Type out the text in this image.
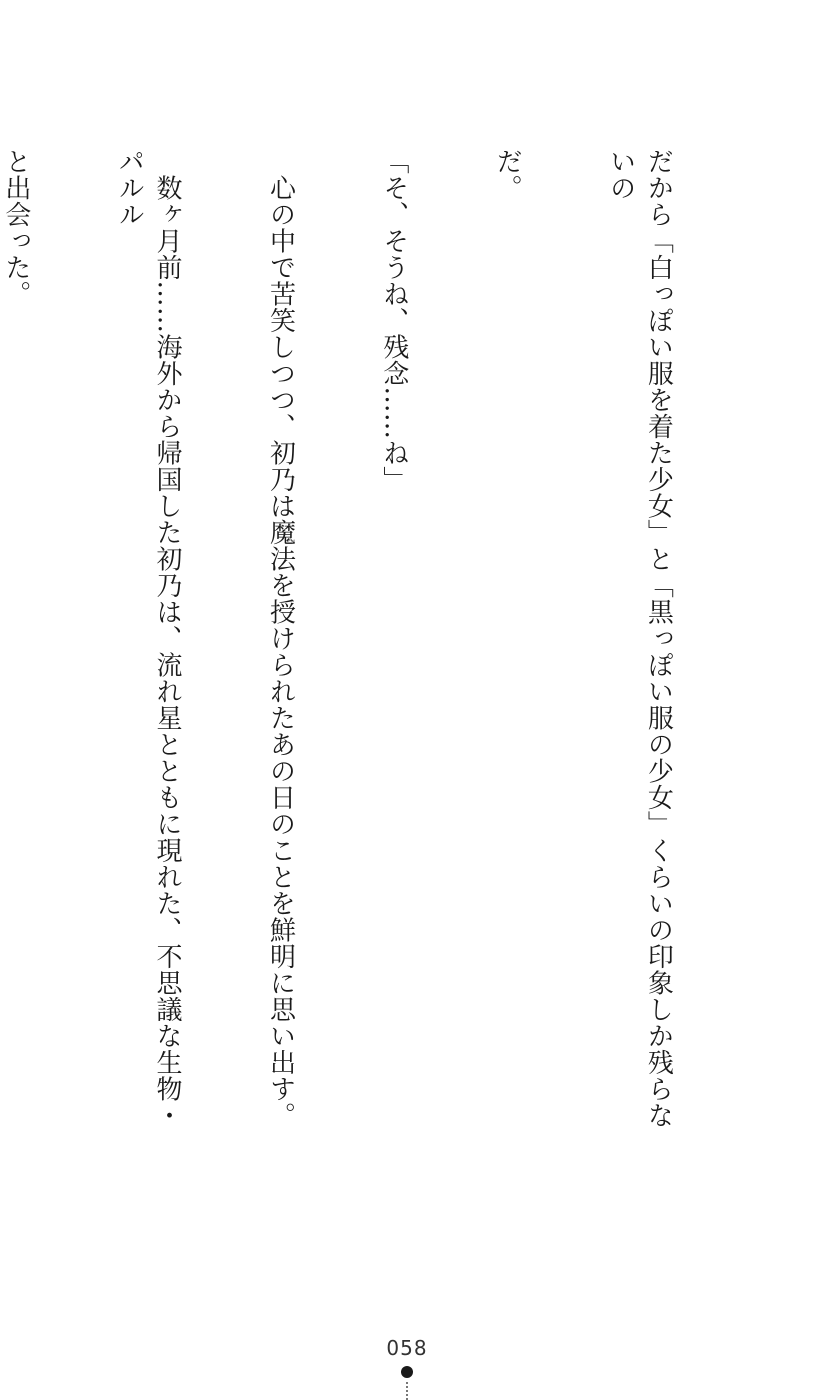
だから「白っぽい服を着た少女」と「黒っぽい服の少女」くらいの印象しか残らないの

だ。

「そ、そうね、残念……ね」

　心の中で苦笑しつつ、初乃は魔法を授けられたあの日のことを鮮明に思い出す。

　数ヶ月前……海外から帰国した初乃は、流れ星とともに現れた、不思議な生物・パルル

と出会った。

058
